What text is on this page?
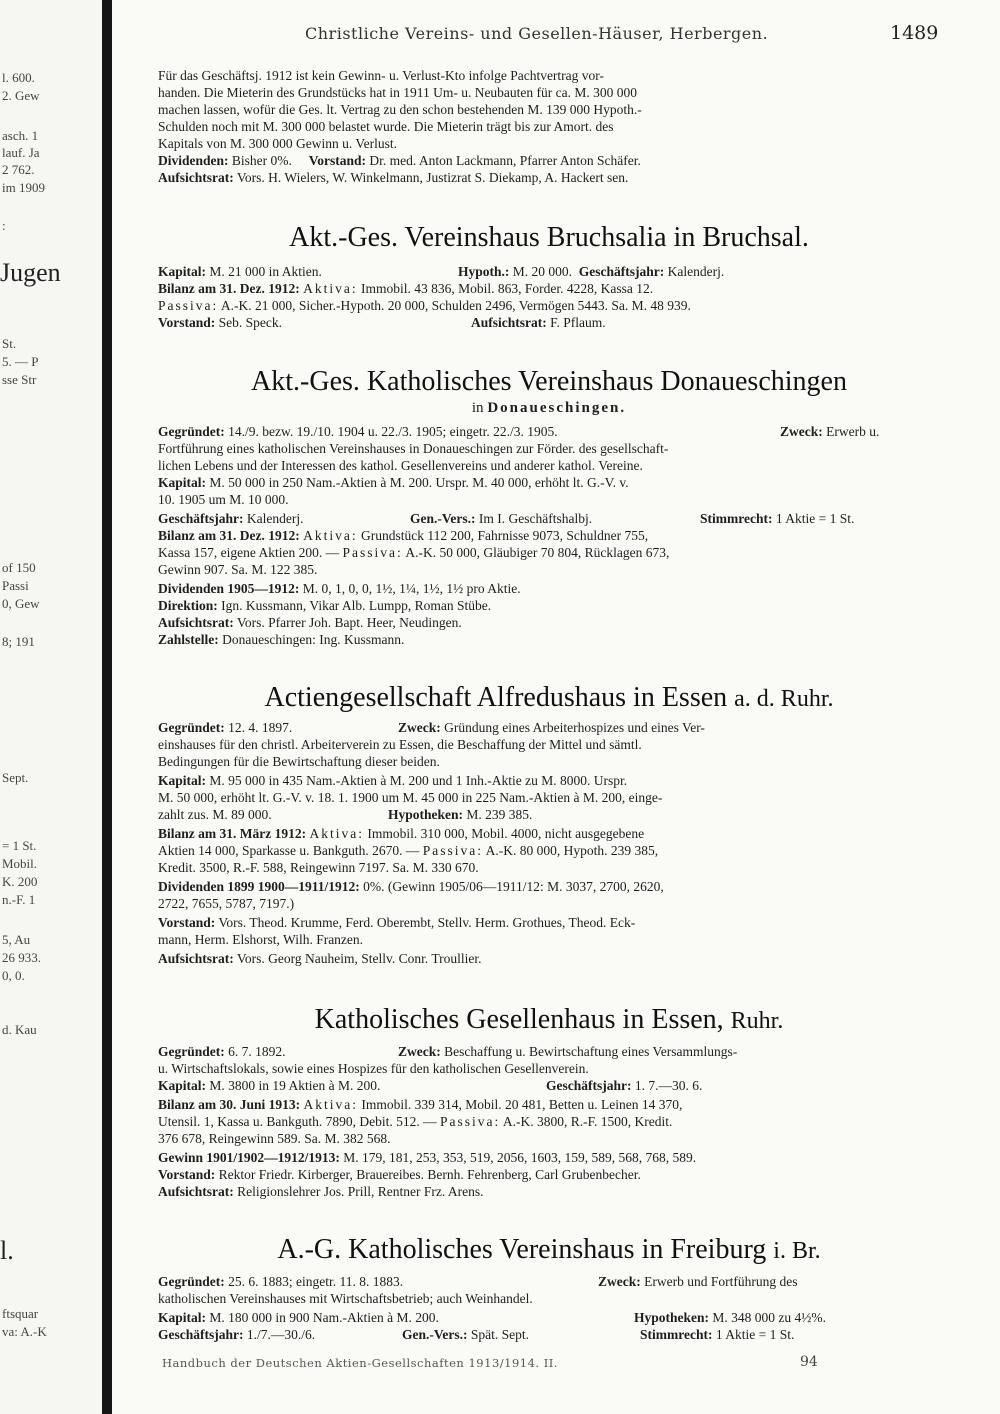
l. 600.
2. Gew
asch. 1
lauf. Ja
2 762.
im 1909
:
Jugen
St.
5. — P
sse Str
of 150
Passi
0, Gew
8; 191
Sept.
= 1 St.
Mobil.
K. 200
n.-F. 1
5, Au
26 933.
0, 0.
d. Kau
l.
ftsquar
va: A.-K
Christliche Vereins- und Gesellen-Häuser, Herbergen.	1489
Für das Geschäftsj. 1912 ist kein Gewinn- u. Verlust-Kto infolge Pachtvertrag vor-
handen. Die Mieterin des Grundstücks hat in 1911 Um- u. Neubauten für ca. M. 300 000
machen lassen, wofür die Ges. lt. Vertrag zu den schon bestehenden M. 139 000 Hypoth.-
Schulden noch mit M. 300 000 belastet wurde. Die Mieterin trägt bis zur Amort. des
Kapitals von M. 300 000 Gewinn u. Verlust.
Dividenden: Bisher 0%. Vorstand: Dr. med. Anton Lackmann, Pfarrer Anton Schäfer.
Aufsichtsrat: Vors. H. Wielers, W. Winkelmann, Justizrat S. Diekamp, A. Hackert sen.
Akt.-Ges. Vereinshaus Bruchsalia in Bruchsal.
Kapital: M. 21 000 in Aktien.	Hypoth.: M. 20 000. Geschäftsjahr: Kalenderj.
Bilanz am 31. Dez. 1912: Aktiva: Immobil. 43 836, Mobil. 863, Forder. 4228, Kassa 12.
Passiva: A.-K. 21 000, Sicher.-Hypoth. 20 000, Schulden 2496, Vermögen 5443. Sa. M. 48 939.
Vorstand: Seb. Speck.	Aufsichtsrat: F. Pflaum.
Akt.-Ges. Katholisches Vereinshaus Donaueschingen
in Donaueschingen.
Gegründet: 14./9. bezw. 19./10. 1904 u. 22./3. 1905; eingetr. 22./3. 1905.	Zweck: Erwerb u.
Fortführung eines katholischen Vereinshauses in Donaueschingen zur Förder. des gesellschaft-
lichen Lebens und der Interessen des kathol. Gesellenvereins und anderer kathol. Vereine.
Kapital: M. 50 000 in 250 Nam.-Aktien à M. 200. Urspr. M. 40 000, erhöht lt. G.-V. v.
10. 1905 um M. 10 000.
Geschäftsjahr: Kalenderj.	Gen.-Vers.: Im I. Geschäftshalbj.	Stimmrecht: 1 Aktie = 1 St.
Bilanz am 31. Dez. 1912: Aktiva: Grundstück 112 200, Fahrnisse 9073, Schuldner 755,
Kassa 157, eigene Aktien 200. — Passiva: A.-K. 50 000, Gläubiger 70 804, Rücklagen 673,
Gewinn 907. Sa. M. 122 385.
Dividenden 1905—1912: M. 0, 1, 0, 0, 1½, 1¼, 1½, 1½ pro Aktie.
Direktion: Ign. Kussmann, Vikar Alb. Lumpp, Roman Stübe.
Aufsichtsrat: Vors. Pfarrer Joh. Bapt. Heer, Neudingen.
Zahlstelle: Donaueschingen: Ing. Kussmann.
Actiengesellschaft Alfredushaus in Essen a. d. Ruhr.
Gegründet: 12. 4. 1897.	Zweck: Gründung eines Arbeiterhospizes und eines Ver-
einshauses für den christl. Arbeiterverein zu Essen, die Beschaffung der Mittel und sämtl.
Bedingungen für die Bewirtschaftung dieser beiden.
Kapital: M. 95 000 in 435 Nam.-Aktien à M. 200 und 1 Inh.-Aktie zu M. 8000. Urspr.
M. 50 000, erhöht lt. G.-V. v. 18. 1. 1900 um M. 45 000 in 225 Nam.-Aktien à M. 200, einge-
zahlt zus. M. 89 000.	Hypotheken: M. 239 385.
Bilanz am 31. März 1912: Aktiva: Immobil. 310 000, Mobil. 4000, nicht ausgegebene
Aktien 14 000, Sparkasse u. Bankguth. 2670. — Passiva: A.-K. 80 000, Hypoth. 239 385,
Kredit. 3500, R.-F. 588, Reingewinn 7197. Sa. M. 330 670.
Dividenden 1899 1900—1911/1912: 0%. (Gewinn 1905/06—1911/12: M. 3037, 2700, 2620,
2722, 7655, 5787, 7197.)
Vorstand: Vors. Theod. Krumme, Ferd. Oberembt, Stellv. Herm. Grothues, Theod. Eck-
mann, Herm. Elshorst, Wilh. Franzen.
Aufsichtsrat: Vors. Georg Nauheim, Stellv. Conr. Troullier.
Katholisches Gesellenhaus in Essen, Ruhr.
Gegründet: 6. 7. 1892.	Zweck: Beschaffung u. Bewirtschaftung eines Versammlungs-
u. Wirtschaftslokals, sowie eines Hospizes für den katholischen Gesellenverein.
Kapital: M. 3800 in 19 Aktien à M. 200.	Geschäftsjahr: 1. 7.—30. 6.
Bilanz am 30. Juni 1913: Aktiva: Immobil. 339 314, Mobil. 20 481, Betten u. Leinen 14 370,
Utensil. 1, Kassa u. Bankguth. 7890, Debit. 512. — Passiva: A.-K. 3800, R.-F. 1500, Kredit.
376 678, Reingewinn 589. Sa. M. 382 568.
Gewinn 1901/1902—1912/1913: M. 179, 181, 253, 353, 519, 2056, 1603, 159, 589, 568, 768, 589.
Vorstand: Rektor Friedr. Kirberger, Brauereibes. Bernh. Fehrenberg, Carl Grubenbecher.
Aufsichtsrat: Religionslehrer Jos. Prill, Rentner Frz. Arens.
A.-G. Katholisches Vereinshaus in Freiburg i. Br.
Gegründet: 25. 6. 1883; eingetr. 11. 8. 1883.	Zweck: Erwerb und Fortführung des
katholischen Vereinshauses mit Wirtschaftsbetrieb; auch Weinhandel.
Kapital: M. 180 000 in 900 Nam.-Aktien à M. 200.	Hypotheken: M. 348 000 zu 4½%.
Geschäftsjahr: 1./7.—30./6.	Gen.-Vers.: Spät. Sept.	Stimmrecht: 1 Aktie = 1 St.
Handbuch der Deutschen Aktien-Gesellschaften 1913/1914. II.	94
